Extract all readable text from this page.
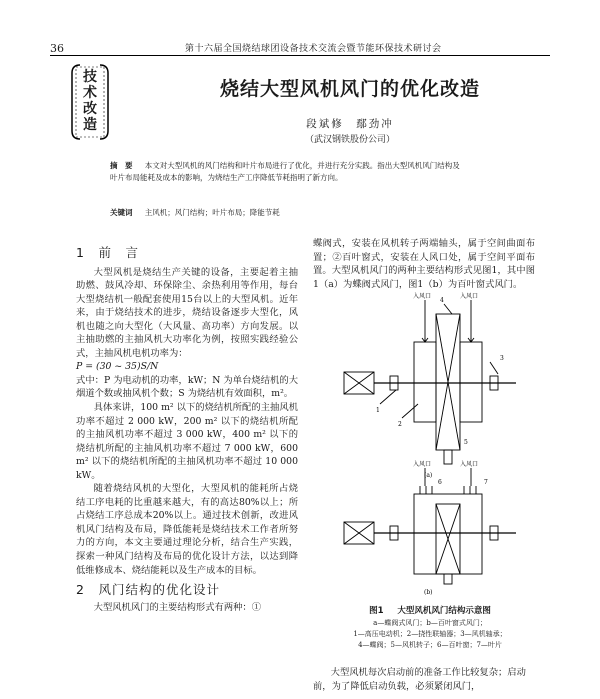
36	第十六届全国烧结球团设备技术交流会暨节能环保技术研讨会
技
术
改
造
烧结大型风机风门的优化改造
段斌修　鄢劲冲
（武汉钢铁股份公司）
摘　要 　 本文对大型风机的风门结构和叶片布局进行了优化，并进行充分实践。指出大型风机风门结构及叶片布局能耗及成本的影响，为烧结生产工序降低节耗指明了新方向。
关键词 　 主风机；风门结构；叶片布局；降能节耗
1　前　言

大型风机是烧结生产关键的设备，主要起着主抽助燃、鼓风冷却、环保除尘、余热利用等作用，每台大型烧结机一般配套使用15台以上的大型风机。近年来，由于烧结技术的进步，烧结设备逐步大型化，风机也随之向大型化（大风量、高功率）方向发展。以主抽助燃的主抽风机大功率化为例，按照实践经验公式，主抽风机电机功率为：

P = (30 ~ 35)S/N

式中：P 为电动机的功率，kW；N 为单台烧结机的大烟道个数或抽风机个数；S 为烧结机有效面积，m²。

具体来讲，100 m² 以下的烧结机所配的主抽风机功率不超过 2 000 kW，200 m² 以下的烧结机所配的主抽风机功率不超过 3 000 kW，400 m² 以下的烧结机所配的主抽风机功率不超过 7 000 kW，600 m² 以下的烧结机所配的主抽风机功率不超过 10 000 kW。

随着烧结风机的大型化，大型风机的能耗所占烧结工序电耗的比重越来越大，有的高达80%以上；所占烧结工序总成本20%以上。通过技术创新，改进风机风门结构及布局，降低能耗是烧结技术工作者所努力的方向，本文主要通过理论分析，结合生产实践，探索一种风门结构及布局的优化设计方法，以达到降低维修成本、烧结能耗以及生产成本的目标。

2　风门结构的优化设计

大型风机风门的主要结构形式有两种：①

蝶阀式，安装在风机转子两端轴头，属于空间曲面布置；②百叶窗式，安装在人风口处，属于空间平面布置。大型风机风门的两种主要结构形式见图1，其中图1（a）为蝶阀式风门，图1（b）为百叶窗式风门。

入风口	入风口
入风口	入风口
(a)
(b)
1
2
3
4
5
6	7
图1 　 大型风机风门结构示意图
a—蝶阀式风门；b—百叶窗式风门；
1—高压电动机；2—挠性联轴器；3—风机轴承；
4—蝶阀；5—风机转子；6—百叶窗；7—叶片

大型风机每次启动前的准备工作比较复杂；启动前，为了降低启动负载，必须紧闭风门，
